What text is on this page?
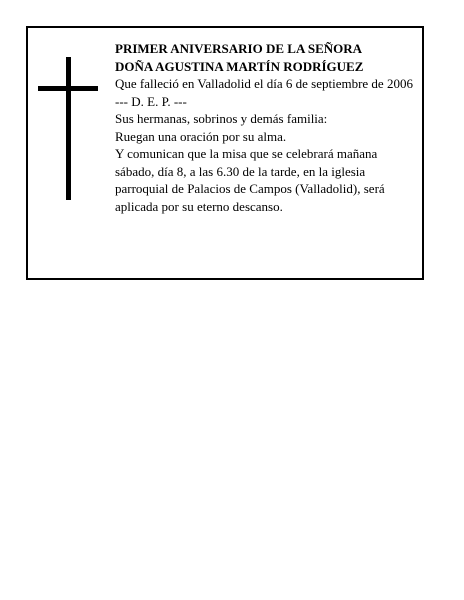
PRIMER ANIVERSARIO DE LA SEÑORA

DOÑA AGUSTINA MARTÍN RODRÍGUEZ

Que falleció en Valladolid el día 6 de septiembre de 2006

--- D. E. P. ---

Sus hermanas, sobrinos y demás familia:

Ruegan una oración por su alma.

Y comunican que la misa que se celebrará mañana sábado, día 8, a las 6.30 de la tarde, en la iglesia parroquial de Palacios de Campos (Valladolid), será aplicada por su eterno descanso.
